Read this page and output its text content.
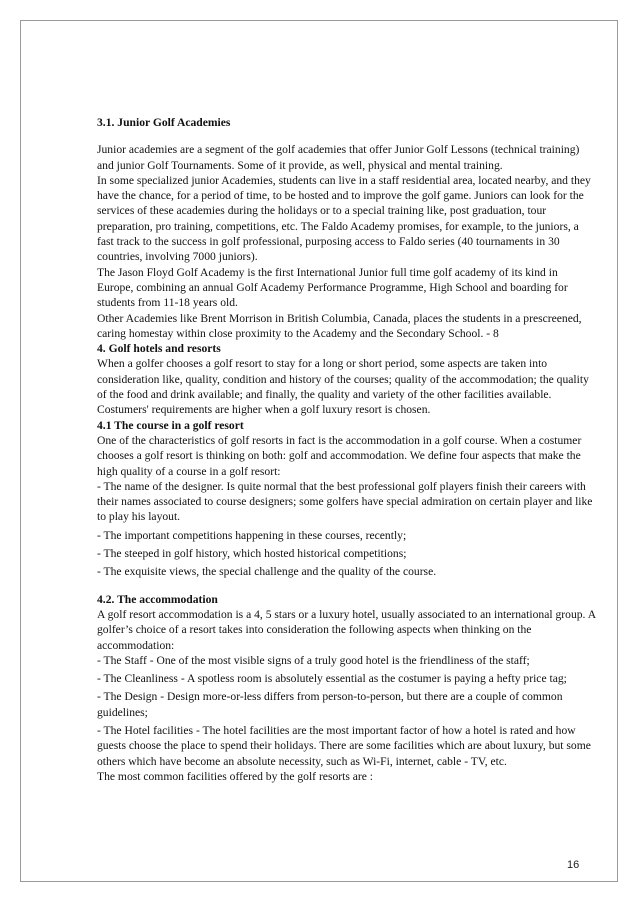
3.1. Junior Golf Academies

Junior academies are a segment of the golf academies that offer Junior Golf Lessons (technical training) and junior Golf Tournaments. Some of it provide, as well, physical and mental training.

In some specialized junior Academies, students can live in a staff residential area, located nearby, and they have the chance, for a period of time, to be hosted and to improve the golf game. Juniors can look for the services of these academies during the holidays or to a special training like, post graduation, tour preparation, pro training, competitions, etc. The Faldo Academy promises, for example, to the juniors, a fast track to the success in golf professional, purposing access to Faldo series (40 tournaments in 30 countries, involving 7000 juniors).

The Jason Floyd Golf Academy is the first International Junior full time golf academy of its kind in Europe, combining an annual Golf Academy Performance Programme, High School and boarding for students from 11-18 years old.

Other Academies like Brent Morrison in British Columbia, Canada, places the students in a prescreened, caring homestay within close proximity to the Academy and the Secondary School. - 8

4. Golf hotels and resorts

When a golfer chooses a golf resort to stay for a long or short period, some aspects are taken into consideration like, quality, condition and history of the courses; quality of the accommodation; the quality of the food and drink available; and finally, the quality and variety of the other facilities available.

Costumers' requirements are higher when a golf luxury resort is chosen.

4.1 The course in a golf resort

One of the characteristics of golf resorts in fact is the accommodation in a golf course. When a costumer chooses a golf resort is thinking on both: golf and accommodation. We define four aspects that make the high quality of a course in a golf resort:

- The name of the designer. Is quite normal that the best professional golf players finish their careers with their names associated to course designers; some golfers have special admiration on certain player and like to play his layout.

- The important competitions happening in these courses, recently;

- The steeped in golf history, which hosted historical competitions;

- The exquisite views, the special challenge and the quality of the course.

4.2. The accommodation

A golf resort accommodation is a 4, 5 stars or a luxury hotel, usually associated to an international group. A golfer’s choice of a resort takes into consideration the following aspects when thinking on the accommodation:

- The Staff - One of the most visible signs of a truly good hotel is the friendliness of the staff;

- The Cleanliness - A spotless room is absolutely essential as the costumer is paying a hefty price tag;

- The Design - Design more-or-less differs from person-to-person, but there are a couple of common guidelines;

- The Hotel facilities - The hotel facilities are the most important factor of how a hotel is rated and how guests choose the place to spend their holidays. There are some facilities which are about luxury, but some others which have become an absolute necessity, such as Wi-Fi, internet, cable - TV, etc.

The most common facilities offered by the golf resorts are :

16
